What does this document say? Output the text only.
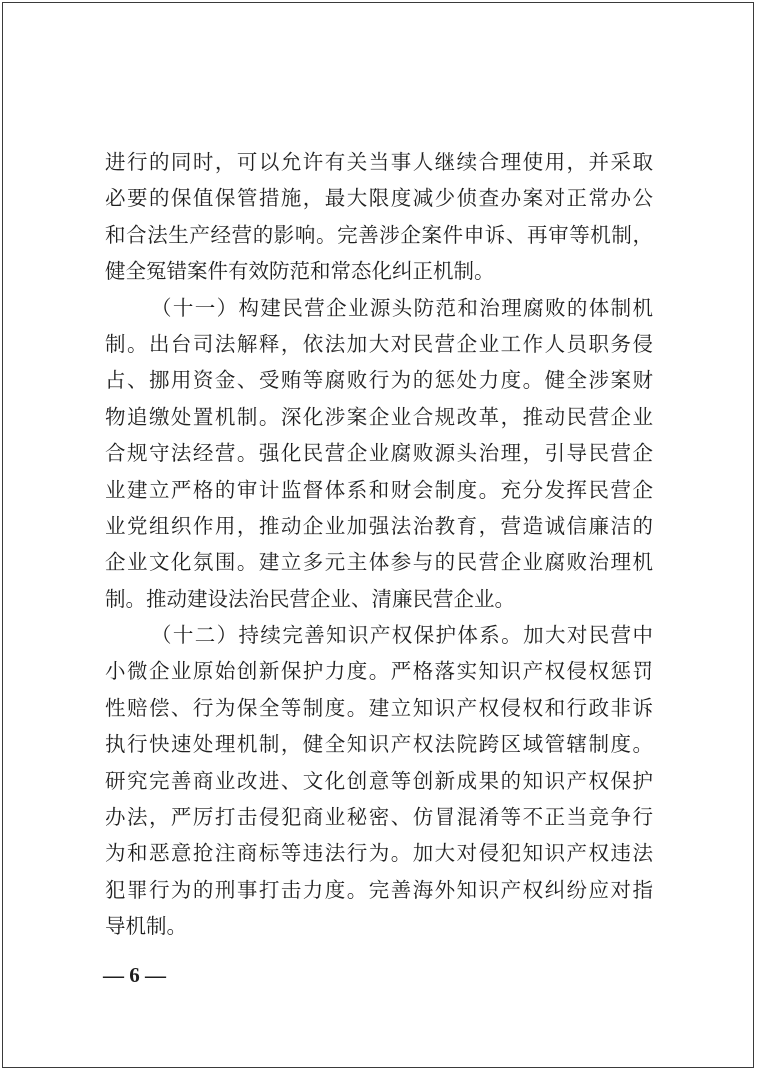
进行的同时，可以允许有关当事人继续合理使用，并采取
必要的保值保管措施，最大限度减少侦查办案对正常办公
和合法生产经营的影响。完善涉企案件申诉、再审等机制，
健全冤错案件有效防范和常态化纠正机制。
（十一）构建民营企业源头防范和治理腐败的体制机
制。出台司法解释，依法加大对民营企业工作人员职务侵
占、挪用资金、受贿等腐败行为的惩处力度。健全涉案财
物追缴处置机制。深化涉案企业合规改革，推动民营企业
合规守法经营。强化民营企业腐败源头治理，引导民营企
业建立严格的审计监督体系和财会制度。充分发挥民营企
业党组织作用，推动企业加强法治教育，营造诚信廉洁的
企业文化氛围。建立多元主体参与的民营企业腐败治理机
制。推动建设法治民营企业、清廉民营企业。
（十二）持续完善知识产权保护体系。加大对民营中
小微企业原始创新保护力度。严格落实知识产权侵权惩罚
性赔偿、行为保全等制度。建立知识产权侵权和行政非诉
执行快速处理机制，健全知识产权法院跨区域管辖制度。
研究完善商业改进、文化创意等创新成果的知识产权保护
办法，严厉打击侵犯商业秘密、仿冒混淆等不正当竞争行
为和恶意抢注商标等违法行为。加大对侵犯知识产权违法
犯罪行为的刑事打击力度。完善海外知识产权纠纷应对指
导机制。
— 6 —
